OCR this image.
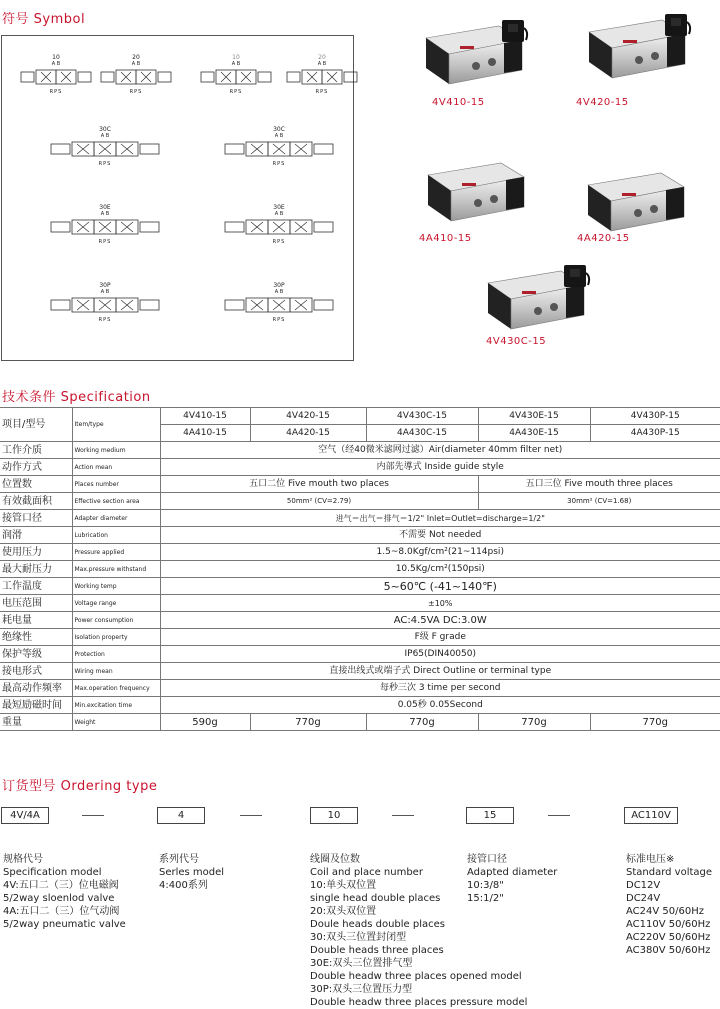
符号 Symbol
10
A B
RPS
20
A B
RPS
10
A B
RPS
20
A B
RPS
30C
A B
RPS
30C
A B
RPS
30E
A B
RPS
30E
A B
RPS
30P
A B
RPS
30P
A B
RPS
4V410-15	4V420-15
4A410-15	4A420-15
4V430C-15
技术条件 Specification
项目/型号	Item/type	4V410-15	4V420-15	4V430C-15	4V430E-15	4V430P-15
		4A410-15	4A420-15	4A430C-15	4A430E-15	4A430P-15
工作介质	Working medium	空气（经40微米滤网过滤）Air(diameter 40mm filter net)				
动作方式	Action mean	内部先導式 Inside guide style				
位置数	Places number	五口二位 Five mouth two places			五口三位 Five mouth three places	
有效截面积	Effective section area	50mm² (CV=2.79)			30mm² (CV=1.68)	
接管口径	Adapter diameter	进气＝出气＝排气＝1/2" Inlet=Outlet=discharge=1/2"				
润滑	Lubrication	不需要 Not needed				
使用压力	Pressure applied	1.5~8.0Kgf/cm²(21~114psi)				
最大耐压力	Max.pressure withstand	10.5Kg/cm²(150psi)				
工作温度	Working temp	5~60℃ (-41~140℉)				
电压范围	Voltage range	±10%				
耗电量	Power consumption	AC:4.5VA DC:3.0W				
绝缘性	Isolation property	F级 F grade				
保护等级	Protection	IP65(DIN40050)				
接电形式	Wiring mean	直接出线式或端子式 Direct Outline or terminal type				
最高动作频率	Max.operation frequency	每秒三次 3 time per second				
最短励磁时间	Min.excitation time	0.05秒 0.05Second				
重量	Weight	590g	770g	770g	770g	770g
订货型号 Ordering type
4V/4A	4	10	15	AC110V
规格代号
Specification model
4V:五口二（三）位电磁阀
5/2way sloenlod valve
4A:五口二（三）位气动阀
5/2way pneumatic valve
系列代号
Serles model
4:400系列
线圈及位数
Coil and place number
10:单头双位置
single head double places
20:双头双位置
Doule heads double places
30:双头三位置封闭型
Double heads three places
30E:双头三位置排气型
Double headw three places opened model
30P:双头三位置压力型
Double headw three places pressure model
接管口径
Adapted diameter
10:3/8"
15:1/2"
标准电压※
Standard voltage
DC12V
DC24V
AC24V 50/60Hz
AC110V 50/60Hz
AC220V 50/60Hz
AC380V 50/60Hz
